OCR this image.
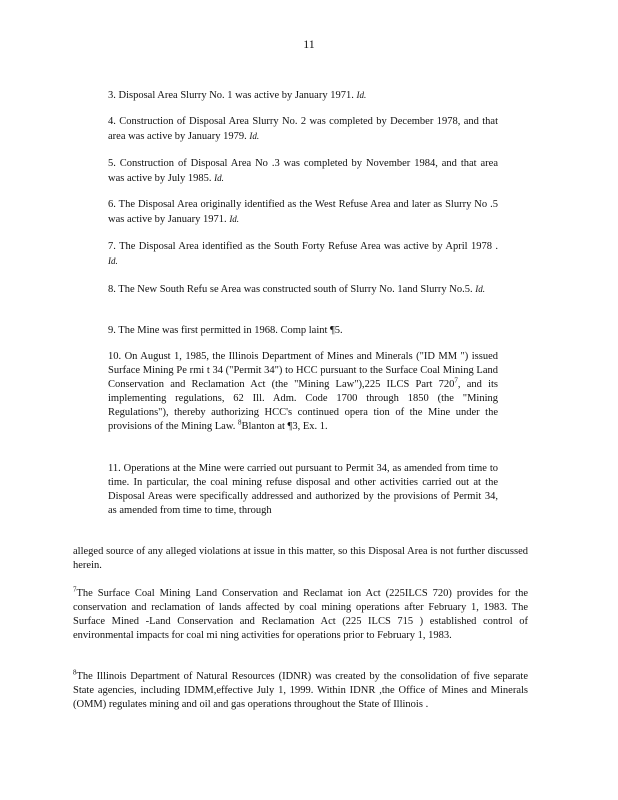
11
3. Disposal Area Slurry No. 1 was active by January 1971. Id.
4. Construction of Disposal Area Slurry No. 2 was completed by December 1978, and that area was active by January 1979. Id.
5. Construction of Disposal Area No .3 was completed by November 1984, and that area was active by July 1985. Id.
6. The Disposal Area originally identified as the West Refuse Area and later as Slurry No .5 was active by January 1971. Id.
7. The Disposal Area identified as the South Forty Refuse Area was active by April 1978 . Id.
8. The New South Refu se Area was constructed south of Slurry No. 1and Slurry No.5. Id.
9. The Mine was first permitted in 1968. Comp laint ¶5.
10. On August 1, 1985, the Illinois Department of Mines and Minerals ("ID MM ") issued Surface Mining Pe rmi t 34 ("Permit 34") to HCC pursuant to the Surface Coal Mining Land Conservation and Reclamation Act (the "Mining Law"),225 ILCS Part $720^7$, and its implementing regulations, 62 Ill. Adm. Code 1700 through 1850 (the "Mining Regulations"), thereby authorizing HCC's continued opera tion of the Mine under the provisions of the Mining Law. $^8$Blanton at ¶3, Ex. 1.
11. Operations at the Mine were carried out pursuant to Permit 34, as amended from time to time. In particular, the coal mining refuse disposal and other activities carried out at the Disposal Areas were specifically addressed and authorized by the provisions of Permit 34, as amended from time to time, through
alleged source of any alleged violations at issue in this matter, so this Disposal Area is not further discussed herein.
$^7$The Surface Coal Mining Land Conservation and Reclamat ion Act (225ILCS 720) provides for the conservation and reclamation of lands affected by coal mining operations after February 1, 1983. The Surface Mined -Land Conservation and Reclamation Act (225 ILCS 715 ) established control of environmental impacts for coal mi ning activities for operations prior to February 1, 1983.
$^8$The Illinois Department of Natural Resources (IDNR) was created by the consolidation of five separate State agencies, including IDMM,effective July 1, 1999. Within IDNR ,the Office of Mines and Minerals (OMM) regulates mining and oil and gas operations throughout the State of Illinois .
